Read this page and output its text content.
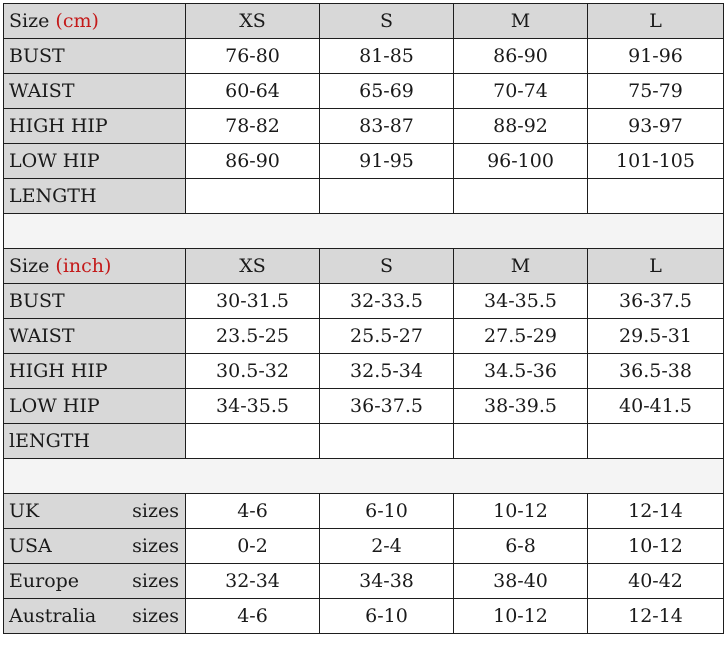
Size (cm)	XS	S	M	L
BUST	76-80	81-85	86-90	91-96
WAIST	60-64	65-69	70-74	75-79
HIGH HIP	78-82	83-87	88-92	93-97
LOW HIP	86-90	91-95	96-100	101-105
LENGTH				

Size (inch)	XS	S	M	L
BUST	30-31.5	32-33.5	34-35.5	36-37.5
WAIST	23.5-25	25.5-27	27.5-29	29.5-31
HIGH HIP	30.5-32	32.5-34	34.5-36	36.5-38
LOW HIP	34-35.5	36-37.5	38-39.5	40-41.5
lENGTH				

UK sizes	4-6	6-10	10-12	12-14

USA sizes	0-2	2-4	6-8	10-12

Europe sizes	32-34	34-38	38-40	40-42

Australia sizes	4-6	6-10	10-12	12-14
